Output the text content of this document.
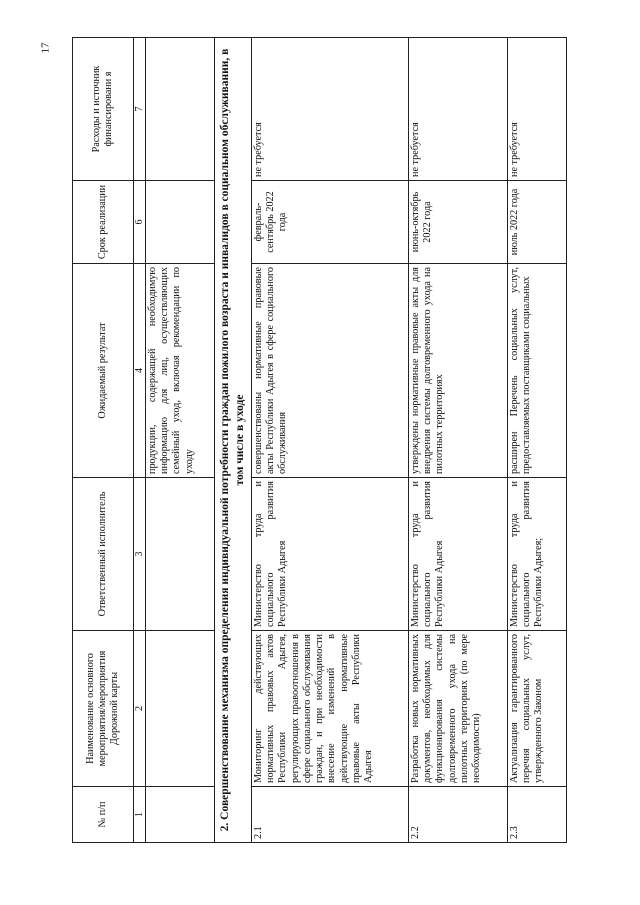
17
№ п/п	Наименование основного мероприятия/мероприятия Дорожной карты	Ответственный исполнитель	Ожидаемый результат	Срок реализации	Расходы и источник финансировани я
1	2	3	4	6	7
			продукции, содержащей необходимую информацию для лиц, осуществляющих семейный уход, включая рекомендации по уходу		
2. Совершенствование механизма определения индивидуальной потребности граждан пожилого возраста и инвалидов в социальном обслуживании, в том числе в уходе					
2.1	Мониторинг действующих нормативных правовых актов Республики Адыгея, регулирующих правоотношения в сфере социального обслуживания граждан, и при необходимости внесение изменений в действующие нормативные правовые акты Республики Адыгея	Министерство труда и социального развития Республики Адыгея	совершенствованы нормативные правовые акты Республики Адыгея в сфере социального обслуживания	февраль-сентябрь 2022 года	не требуется
2.2	Разработка новых нормативных документов, необходимых для функционирования системы долговременного ухода на пилотных территориях (по мере необходимости)	Министерство труда и социального развития Республики Адыгея	утверждены нормативные правовые акты для внедрения системы долговременного ухода на пилотных территориях	июнь-октябрь 2022 года	не требуется

2.3	Актуализация гарантированного перечня социальных услут, утвержденного Законом	Министерство труда и социального развития Республики Адыгея;	расширен Перечень социальных услут, предоставляемых поставщиками социальных	июль 2022 года	не требуется
